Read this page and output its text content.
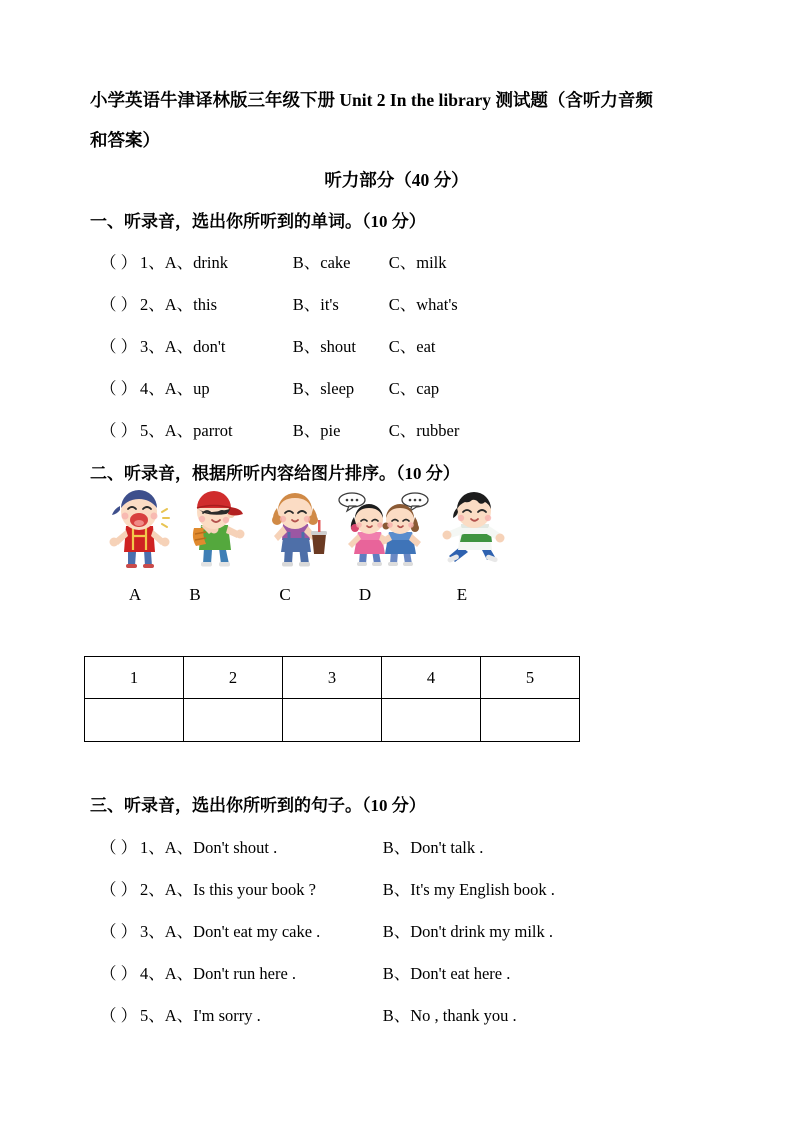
小学英语牛津译林版三年级下册 Unit 2 In the library 测试题（含听力音频
和答案）
听力部分（40 分）
一、听录音，选出你所听到的单词。（10 分）
（ ） 1、A、drink	B、cake C、milk
（ ） 2、A、this	B、it's	C、what's
（ ） 3、A、don't	B、shout C、eat
（ ） 4、A、up	B、sleep C、cap
（ ） 5、A、parrot	B、pie	C、rubber
二、听录音，根据所听内容给图片排序。（10 分）
A	B	C	D	E
1	2	3	4	5

三、听录音，选出你所听到的句子。（10 分）
（ ） 1、A、Don't shout .	B、Don't talk .
（ ） 2、A、Is this your book ?	B、It's my English book .
（ ） 3、A、Don't eat my cake .	B、Don't drink my milk .
（ ） 4、A、Don't run here .	B、Don't eat here .
（ ） 5、A、I'm sorry .	B、No , thank you .
